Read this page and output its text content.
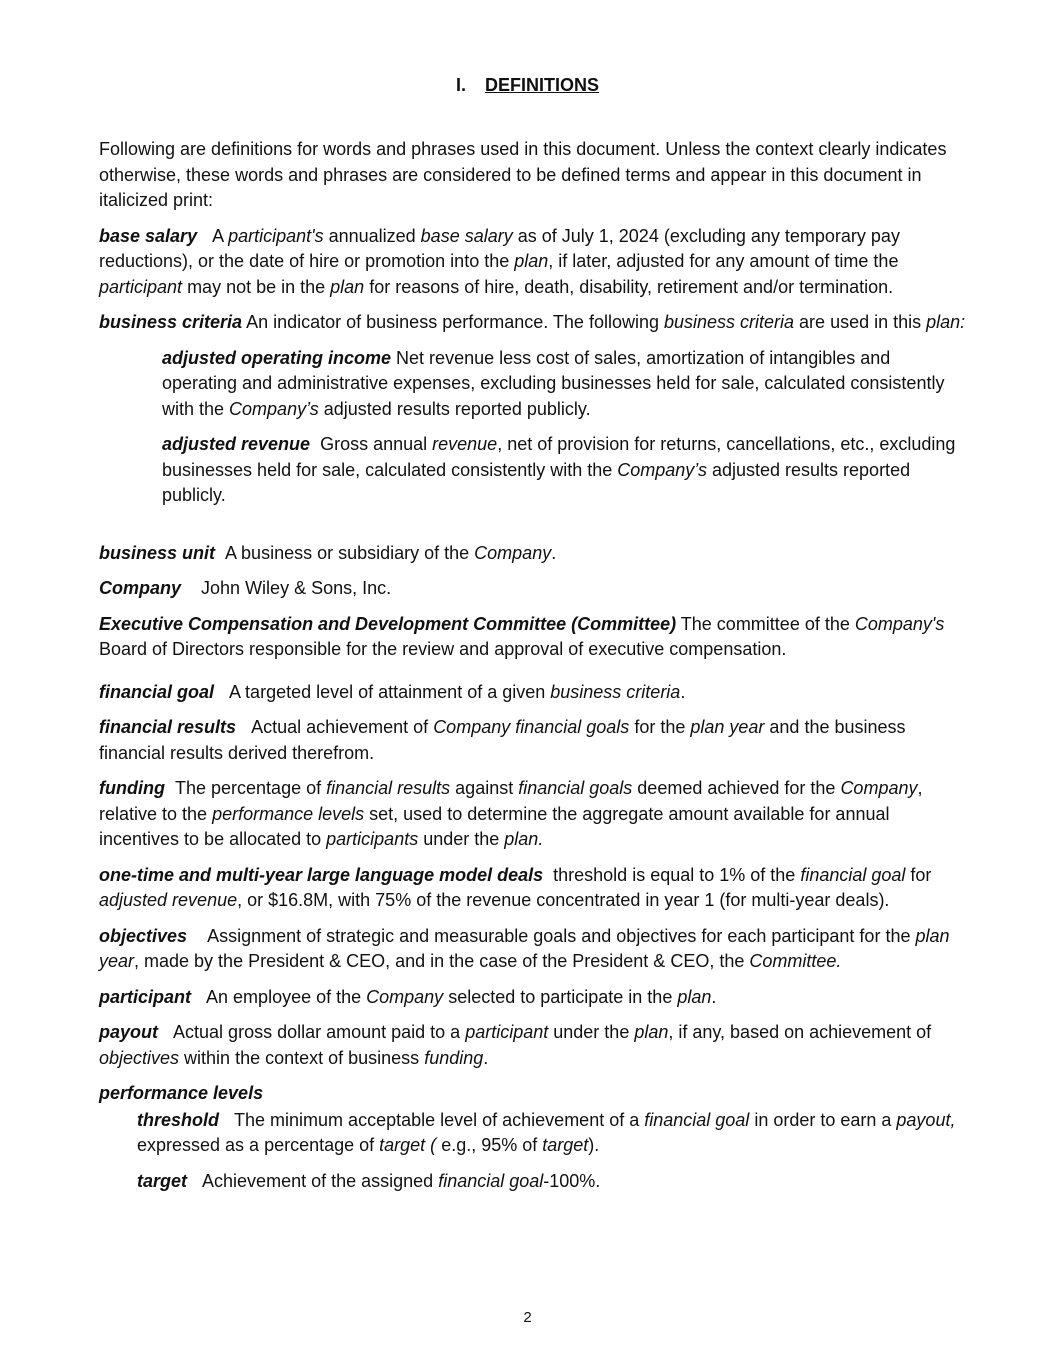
I. DEFINITIONS

Following are definitions for words and phrases used in this document. Unless the context clearly indicates otherwise, these words and phrases are considered to be defined terms and appear in this document in italicized print:

base salary A participant's annualized base salary as of July 1, 2024 (excluding any temporary pay reductions), or the date of hire or promotion into the plan, if later, adjusted for any amount of time the participant may not be in the plan for reasons of hire, death, disability, retirement and/or termination.

business criteria An indicator of business performance. The following business criteria are used in this plan:

adjusted operating income Net revenue less cost of sales, amortization of intangibles and operating and administrative expenses, excluding businesses held for sale, calculated consistently with the Company’s adjusted results reported publicly.

adjusted revenue Gross annual revenue, net of provision for returns, cancellations, etc., excluding businesses held for sale, calculated consistently with the Company’s adjusted results reported publicly.

business unit A business or subsidiary of the Company.

Company John Wiley & Sons, Inc.

Executive Compensation and Development Committee (Committee) The committee of the Company's Board of Directors responsible for the review and approval of executive compensation.

financial goal A targeted level of attainment of a given business criteria.

financial results Actual achievement of Company financial goals for the plan year and the business financial results derived therefrom.

funding The percentage of financial results against financial goals deemed achieved for the Company, relative to the performance levels set, used to determine the aggregate amount available for annual incentives to be allocated to participants under the plan.

one-time and multi-year large language model deals threshold is equal to 1% of the financial goal for adjusted revenue, or $16.8M, with 75% of the revenue concentrated in year 1 (for multi-year deals).

objectives Assignment of strategic and measurable goals and objectives for each participant for the plan year, made by the President & CEO, and in the case of the President & CEO, the Committee.

participant An employee of the Company selected to participate in the plan.

payout Actual gross dollar amount paid to a participant under the plan, if any, based on achievement of objectives within the context of business funding.

performance levels

threshold The minimum acceptable level of achievement of a financial goal in order to earn a payout, expressed as a percentage of target ( e.g., 95% of target).

target Achievement of the assigned financial goal-100%.

2
